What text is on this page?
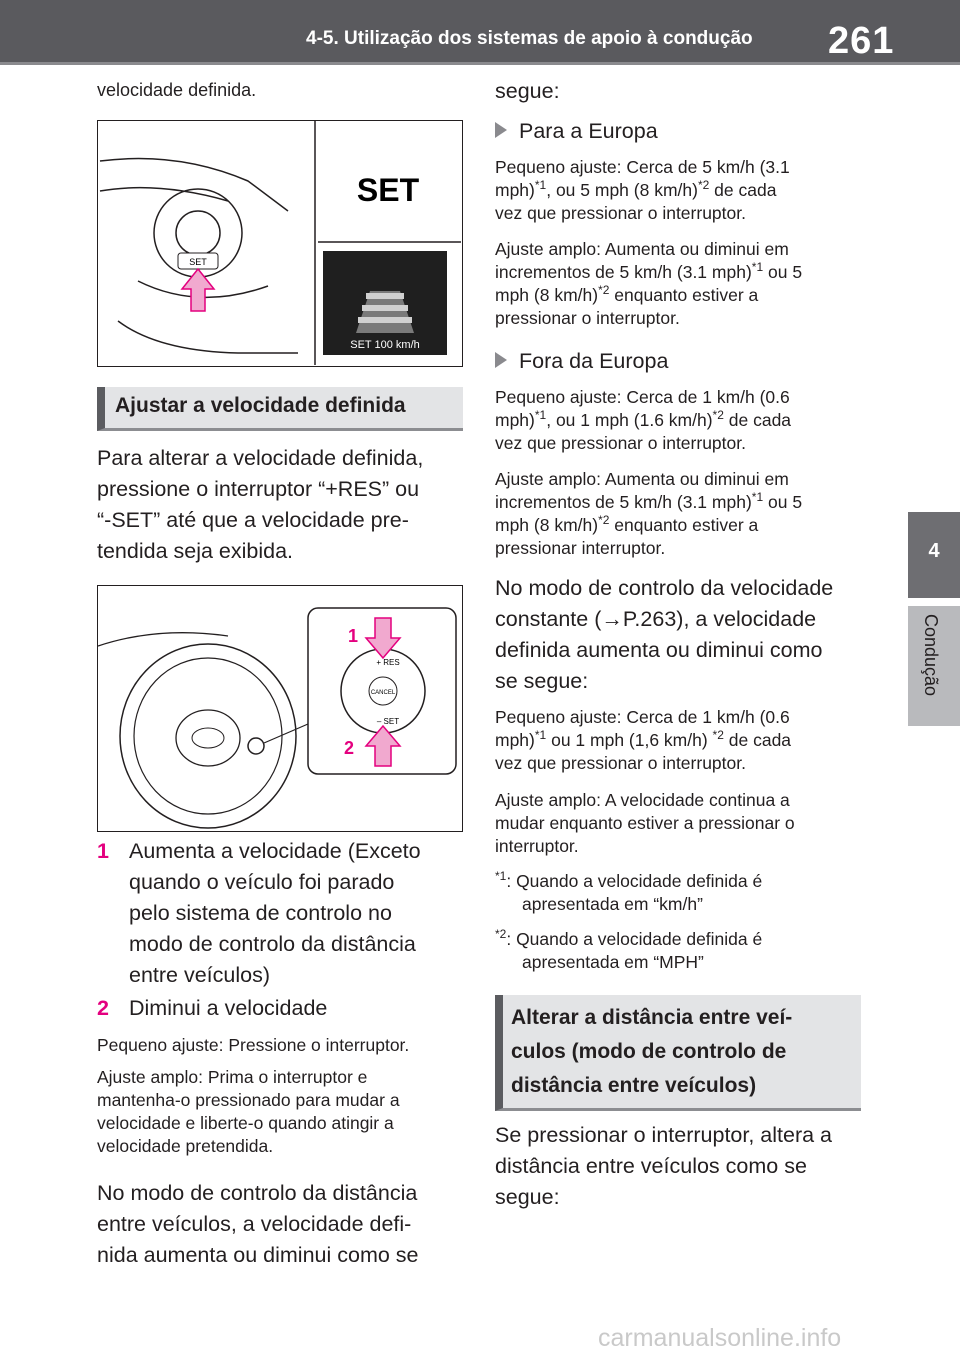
4-5. Utilização dos sistemas de apoio à condução 261
4
Condução
velocidade definida.
SET
SET
SET 100 km/h
Ajustar a velocidade definida
Para alterar a velocidade definida,
pressione o interruptor “+RES” ou
“-SET” até que a velocidade pre-
tendida seja exibida.
+ RES
CANCEL
– SET
1
2
1 Aumenta a velocidade (Exceto
quando o veículo foi parado
pelo sistema de controlo no
modo de controlo da distância
entre veículos)
2 Diminui a velocidade
Pequeno ajuste: Pressione o interruptor.
Ajuste amplo: Prima o interruptor e
mantenha-o pressionado para mudar a
velocidade e liberte-o quando atingir a
velocidade pretendida.
No modo de controlo da distância
entre veículos, a velocidade defi-
nida aumenta ou diminui como se
segue:
Para a Europa
Pequeno ajuste: Cerca de 5 km/h (3.1
mph)$^{*1}$, ou 5 mph (8 km/h)$^{*2}$ de cada
vez que pressionar o interruptor.
Ajuste amplo: Aumenta ou diminui em
incrementos de 5 km/h (3.1 mph)$^{*1}$ ou 5
mph (8 km/h)$^{*2}$ enquanto estiver a
pressionar o interruptor.
Fora da Europa
Pequeno ajuste: Cerca de 1 km/h (0.6
mph)$^{*1}$, ou 1 mph (1.6 km/h)$^{*2}$ de cada
vez que pressionar o interruptor.
Ajuste amplo: Aumenta ou diminui em
incrementos de 5 km/h (3.1 mph)$^{*1}$ ou 5
mph (8 km/h)$^{*2}$ enquanto estiver a
pressionar interruptor.
No modo de controlo da velocidade
constante (→P.263), a velocidade
definida aumenta ou diminui como
se segue:
Pequeno ajuste: Cerca de 1 km/h (0.6
mph)$^{*1}$ ou 1 mph (1,6 km/h) $^{*2}$ de cada
vez que pressionar o interruptor.
Ajuste amplo: A velocidade continua a
mudar enquanto estiver a pressionar o
interruptor.
$^{*1}$: Quando a velocidade definida é
apresentada em “km/h”
$^{*2}$: Quando a velocidade definida é
apresentada em “MPH”
Alterar a distância entre veí-
culos (modo de controlo de
distância entre veículos)
Se pressionar o interruptor, altera a
distância entre veículos como se
segue:
carmanualsonline.info
